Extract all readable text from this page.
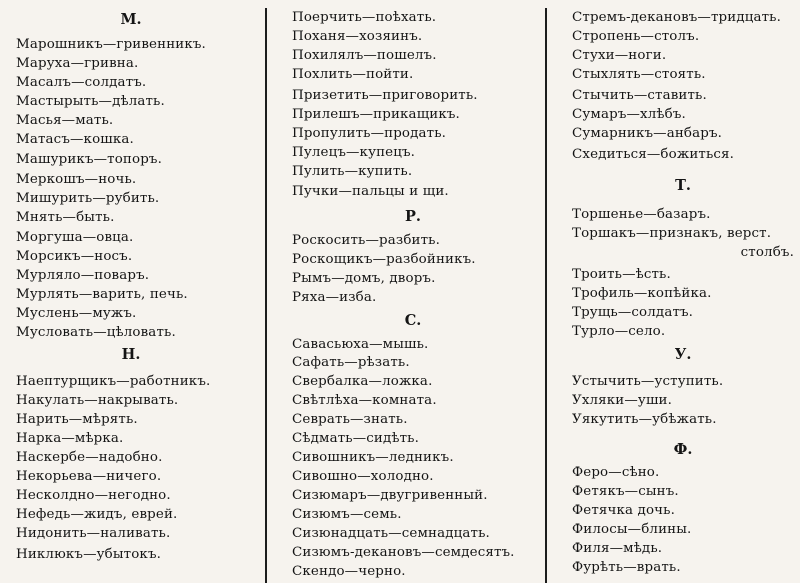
М.
Марошникъ—гривенникъ.
Маруха—гривна.
Масалъ—солдатъ.
Мастырыть—дѣлать.
Масья—мать.
Матасъ—кошка.
Машурикъ—топоръ.
Меркошъ—ночь.
Мишурить—рубить.
Мнять—быть.
Моргуша—овца.
Морсикъ—носъ.
Мурляло—поваръ.
Мурлять—варить, печь.
Муслень—мужъ.
Мусловать—цѣловать.
Н.
Наептурщикъ—работникъ.
Накулать—накрывать.
Нарить—мѣрять.
Нарка—мѣрка.
Наскербе—надобно.
Некорьева—ничего.
Несколдно—негодно.
Нефедь—жидъ, еврей.
Нидонить—наливать.
Никлюкъ—убытокъ.
Поерчить—поѣхать.
Поханя—хозяинъ.
Похилялъ—пошелъ.
Похлить—пойти.
Призетить—приговорить.
Прилешъ—прикащикъ.
Пропулить—продать.
Пулецъ—купецъ.
Пулить—купить.
Пучки—пальцы и щи.
Р.
Роскосить—разбить.
Роскощикъ—разбойникъ.
Рымъ—домъ, дворъ.
Ряха—изба.
С.
Савасьюха—мышь.
Сафать—рѣзать.
Свербалка—ложка.
Свѣтлѣха—комната.
Севрать—знать.
Сѣдмать—сидѣть.
Сивошникъ—ледникъ.
Сивошно—холодно.
Сизюмаръ—двугривенный.
Сизюмъ—семь.
Сизюнадцать—семнадцать.
Сизюмъ-декановъ—семдесятъ.
Скендо—черно.
Стремъ-декановъ—тридцать.
Стропень—столъ.
Стухи—ноги.
Стыхлять—стоять.
Стычить—ставить.
Сумаръ—хлѣбъ.
Сумарникъ—анбаръ.
Схедиться—божиться.
Т.
Торшенье—базаръ.
Торшакъ—признакъ, верст.
столбъ.
Троить—ѣсть.
Трофиль—копѣйка.
Трущь—солдатъ.
Турло—село.
У.
Устычить—уступить.
Ухляки—уши.
Уякутить—убѣжать.
Ф.
Феро—сѣно.
Фетякъ—сынъ.
Фетячка дочь.
Филосы—блины.
Филя—мѣдь.
Фурѣть—врать.
